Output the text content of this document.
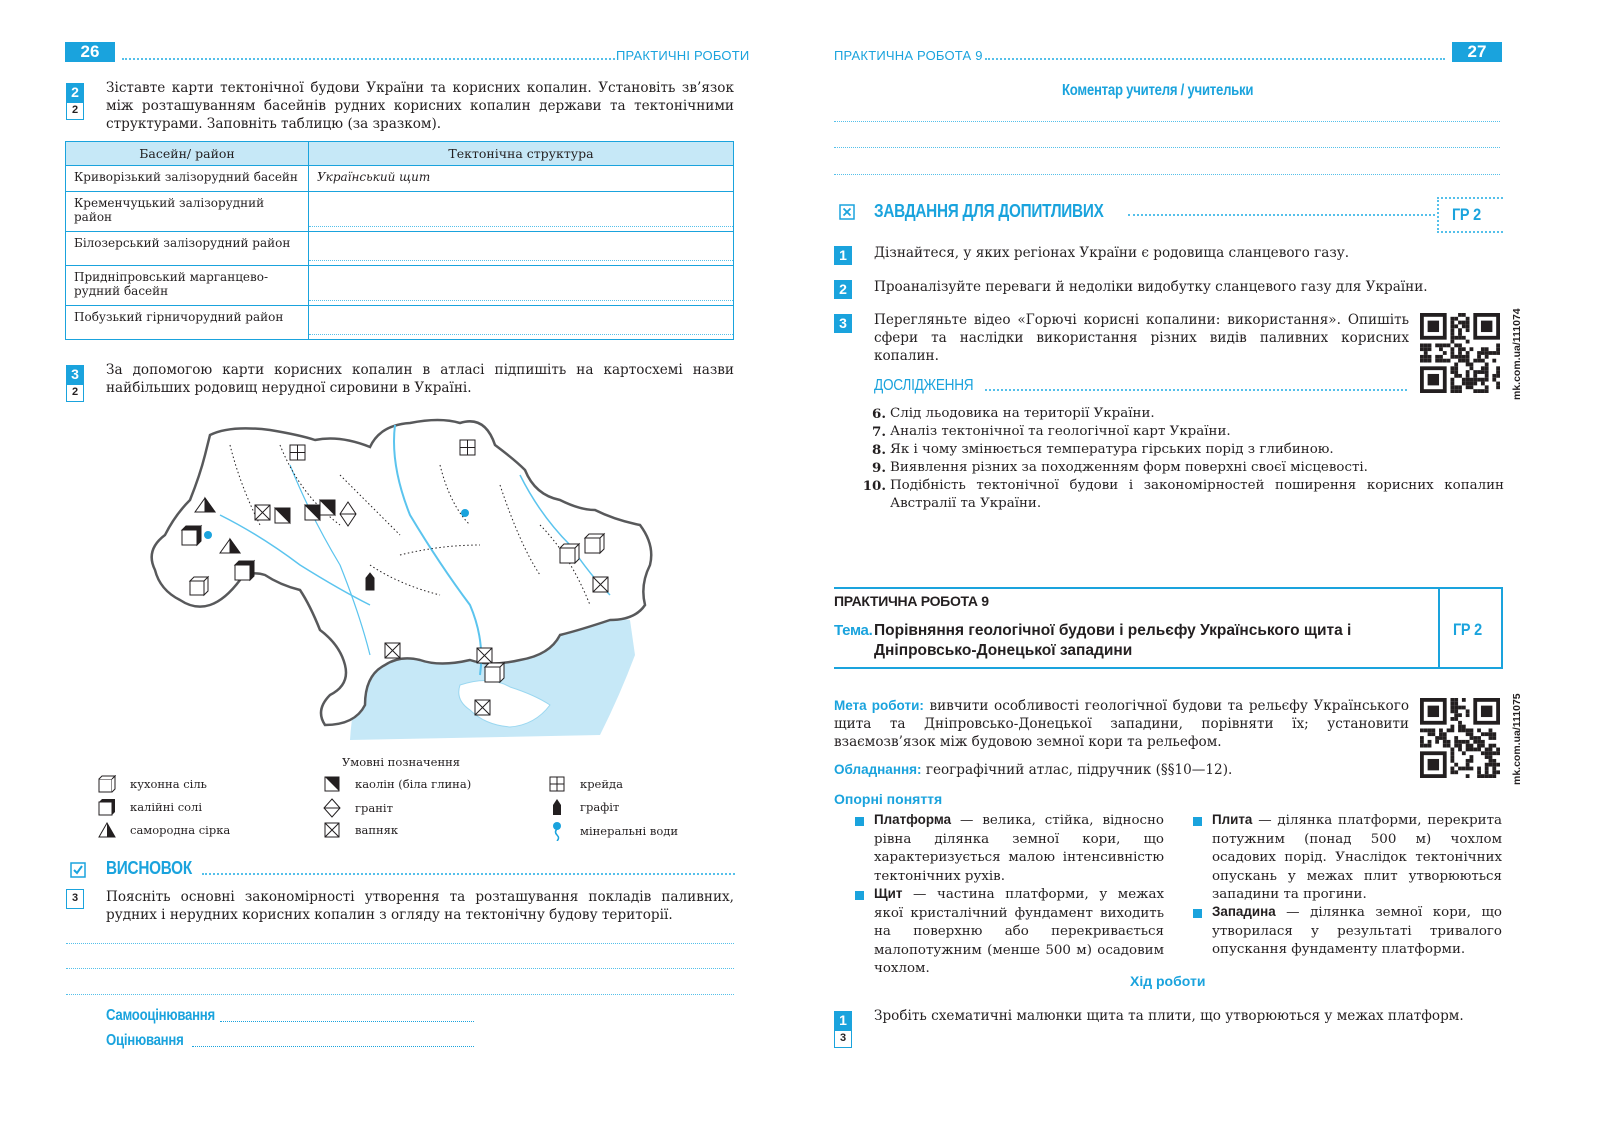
26	ПРАКТИЧНІ РОБОТИ
2
2
Зіставте карти тектонічної будови України та корисних копалин. Установіть зв’язок між розташуванням басейнів рудних корисних копалин держави та тектонічними структурами. Заповніть таблицю (за зразком).
Басейн/ район	Тектонічна структура
Криворізький залізорудний басейн	Український щит
Кременчуцький залізорудний район	

Білозерський залізорудний район	

Придніпровський марганцево-рудний басейн	

Побузький гірничорудний район	
3
2
За допомогою карти корисних копалин в атласі підпишіть на картосхемі назви найбільших родовищ нерудної сировини в Україні.
Умовні позначення
кухонна сіль
калійні солі
самородна сірка
каолін (біла глина)
граніт
вапняк
крейда
графіт
мінеральні води
ВИСНОВОК
3	Поясніть основні закономірності утворення та розташування покладів паливних, рудних і нерудних корисних копалин з огляду на тектонічну будову території.
Самооцінювання
Оцінювання
ПРАКТИЧНА РОБОТА 9	27
Коментар учителя / учительки
ЗАВДАННЯ ДЛЯ ДОПИТЛИВИХ	ГР 2
1	Дізнайтеся, у яких регіонах України є родовища сланцевого газу.
2	Проаналізуйте переваги й недоліки видобутку сланцевого газу для України.
3	Перегляньте відео «Горючі корисні копалини: використання». Опишіть сфери та наслідки використання різних видів паливних корисних копалин.	mk.com.ua/111074
ДОСЛІДЖЕННЯ
6. Слід льодовика на території України.
7. Аналіз тектонічної та геологічної карт України.
8. Як і чому змінюється температура гірських порід з глибиною.
9. Виявлення різних за походженням форм поверхні своєї місцевості.
10. Подібність тектонічної будови і закономірностей поширення корисних копалин Австралії та України.
ПРАКТИЧНА РОБОТА 9
Тема. Порівняння геологічної будови і рельєфу Українського щита і Дніпровсько-Донецької западини
ГР 2
Мета роботи: вивчити особливості геологічної будови та рельєфу Українського щита та Дніпровсько-Донецької западини, порівняти їх; установити взаємозв’язок між будовою земної кори та рельефом.
Обладнання: географічний атлас, підручник (§§10—12).	mk.com.ua/111075
Опорні поняття
Платформа — велика, стійка, відносно рівна ділянка земної кори, що характеризується малою інтенсивністю тектонічних рухів.
Щит — частина платформи, у межах якої кристалічний фундамент виходить на поверхню або перекривається малопотужним (менше 500 м) осадовим чохлом.
Плита — ділянка платформи, перекрита потужним (понад 500 м) чохлом осадових порід. Унаслідок тектонічних опускань у межах плит утворюються западини та прогини.
Западина — ділянка земної кори, що утворилася у результаті тривалого опускання фундаменту платформи.
Хід роботи
1
3
Зробіть схематичні малюнки щита та плити, що утворюються у межах платформ.
